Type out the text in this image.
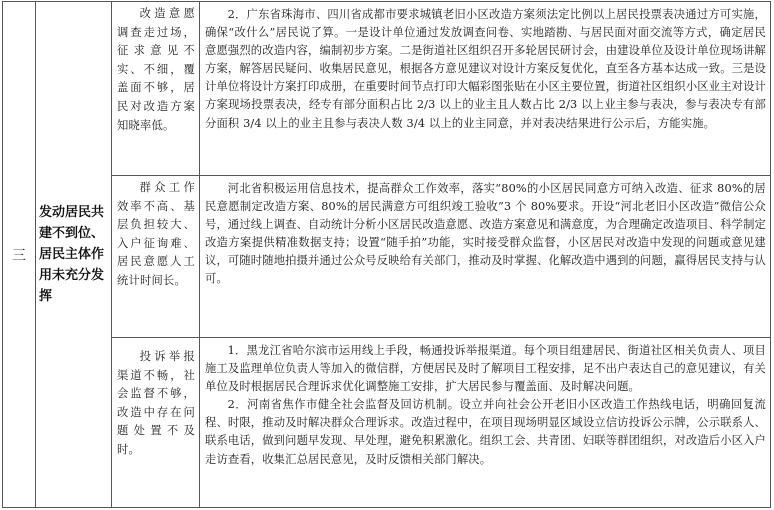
三	发动居民共建不到位、居民主体作用未充分发挥	改造意愿调查走过场，征求意见不实、不细，覆盖面不够，居民对改造方案知晓率低。	2．广东省珠海市、四川省成都市要求城镇老旧小区改造方案须法定比例以上居民投票表决通过方可实施，确保“改什么”居民说了算。一是设计单位通过发放调查问卷、实地踏勘、与居民面对面交流等方式，确定居民意愿强烈的改造内容，编制初步方案。二是街道社区组织召开多轮居民研讨会，由建设单位及设计单位现场讲解方案，解答居民疑问、收集居民意见，根据各方意见建议对设计方案反复优化，直至各方基本达成一致。三是设计单位将设计方案打印成册，在重要时间节点打印大幅彩图张贴在小区主要位置，街道社区组织小区业主对设计方案现场投票表决，经专有部分面积占比 2/3 以上的业主且人数占比 2/3 以上业主参与表决，参与表决专有部分面积 3/4 以上的业主且参与表决人数 3/4 以上的业主同意，并对表决结果进行公示后，方能实施。

		群众工作效率不高、基层负担较大、入户征询难、居民意愿人工统计时间长。	河北省积极运用信息技术，提高群众工作效率，落实“80%的小区居民同意方可纳入改造、征求 80%的居民意愿制定改造方案、80%的居民满意方可组织竣工验收”3 个 80%要求。开设“河北老旧小区改造”微信公众号，通过线上调查、自动统计分析小区居民改造意愿、改造方案意见和满意度，为合理确定改造项目、科学制定改造方案提供精准数据支持；设置“随手拍”功能，实时接受群众监督，小区居民对改造中发现的问题或意见建议，可随时随地拍摄并通过公众号反映给有关部门，推动及时掌握、化解改造中遇到的问题，赢得居民支持与认可。

		投诉举报渠道不畅，社会监督不够，改造中存在问题处置不及时。	1．黑龙江省哈尔滨市运用线上手段，畅通投诉举报渠道。每个项目组建居民、街道社区相关负责人、项目施工及监理单位负责人等加入的微信群，方便居民及时了解项目工程安排，足不出户表达自己的意见建议，有关单位及时根据居民合理诉求优化调整施工安排，扩大居民参与覆盖面、及时解决问题。

2．河南省焦作市健全社会监督及回访机制。设立并向社会公开老旧小区改造工作热线电话，明确回复流程、时限，推动及时解决群众合理诉求。改造过程中，在项目现场明显区域设立信访投诉公示牌，公示联系人、联系电话，做到问题早发现、早处理，避免积累激化。组织工会、共青团、妇联等群团组织，对改造后小区入户走访查看，收集汇总居民意见，及时反馈相关部门解决。
